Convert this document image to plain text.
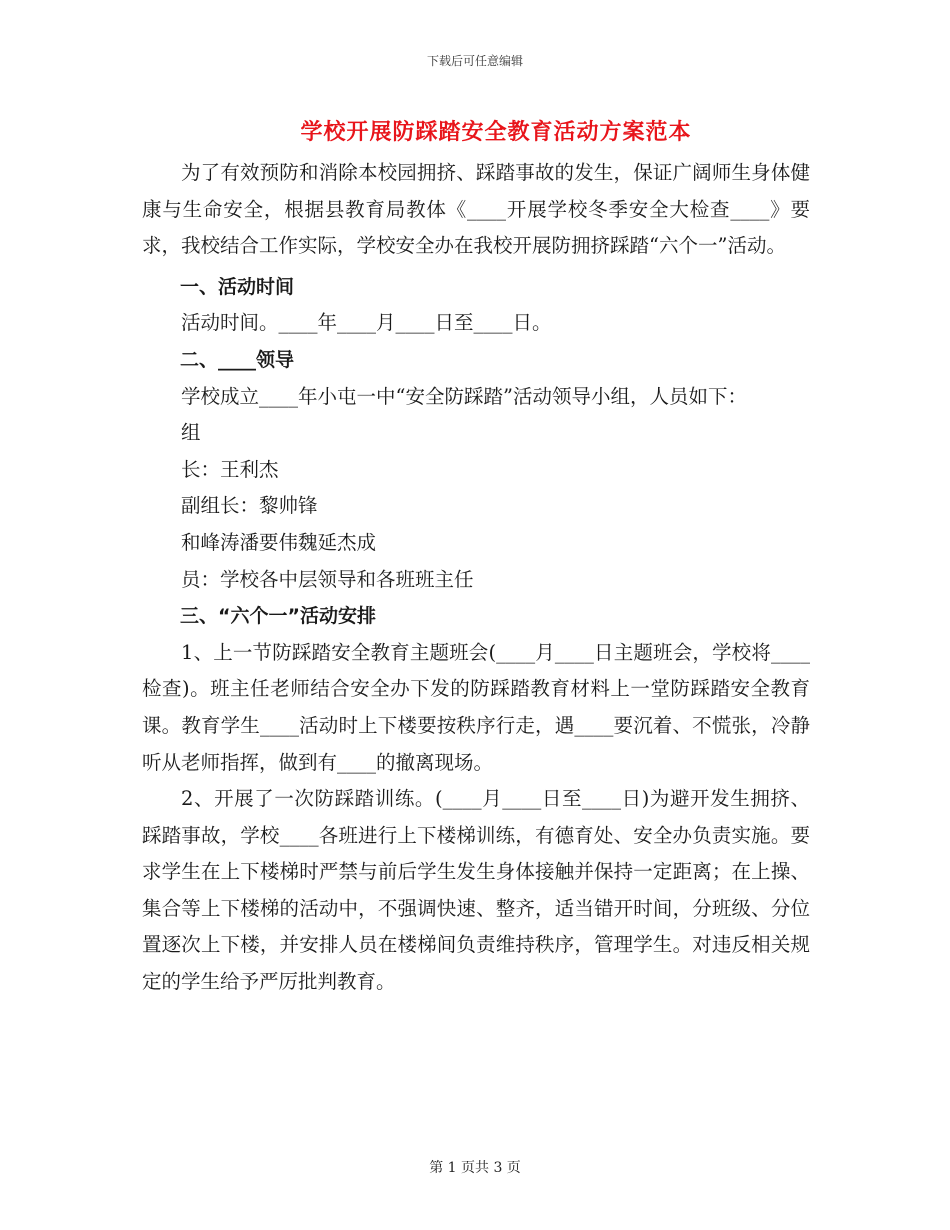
下载后可任意编辑
学校开展防踩踏安全教育活动方案范本

为了有效预防和消除本校园拥挤、踩踏事故的发生，保证广阔师生身体健康与生命安全，根据县教育局教体《____开展学校冬季安全大检查____》要求，我校结合工作实际，学校安全办在我校开展防拥挤踩踏“六个一”活动。

一、活动时间

活动时间。____年____月____日至____日。

二、____领导

学校成立____年小屯一中“安全防踩踏”活动领导小组，人员如下：

组

长：王利杰

副组长：黎帅锋

和峰涛潘要伟魏延杰成

员：学校各中层领导和各班班主任

三、“六个一”活动安排

1、上一节防踩踏安全教育主题班会(____月____日主题班会，学校将____检查)。班主任老师结合安全办下发的防踩踏教育材料上一堂防踩踏安全教育课。教育学生____活动时上下楼要按秩序行走，遇____要沉着、不慌张，冷静听从老师指挥，做到有____的撤离现场。

2、开展了一次防踩踏训练。(____月____日至____日)为避开发生拥挤、踩踏事故，学校____各班进行上下楼梯训练，有德育处、安全办负责实施。要求学生在上下楼梯时严禁与前后学生发生身体接触并保持一定距离；在上操、集合等上下楼梯的活动中，不强调快速、整齐，适当错开时间，分班级、分位置逐次上下楼，并安排人员在楼梯间负责维持秩序，管理学生。对违反相关规定的学生给予严厉批判教育。

第 1 页共 3 页
